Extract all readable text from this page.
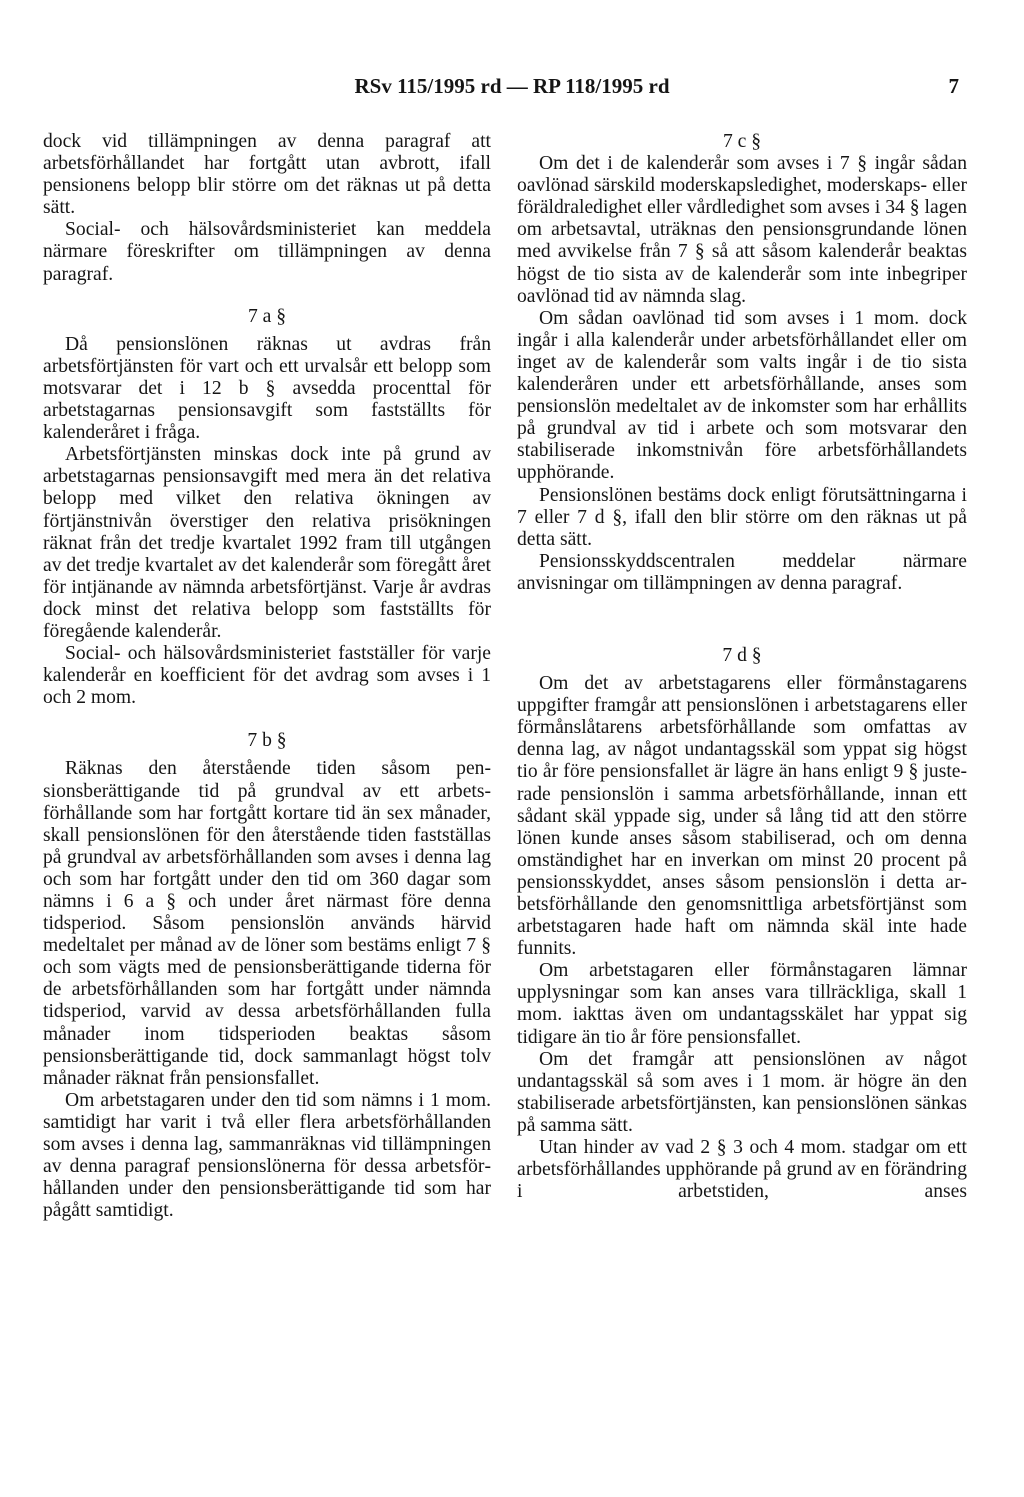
RSv 115/1995 rd — RP 118/1995 rd	7

dock vid tillämpningen av denna paragraf att arbetsförhållandet har fortgått utan avbrott, ifall pensionens belopp blir större om det räknas ut på detta sätt.

Social- och hälsovårdsministeriet kan meddela närmare föreskrifter om tillämpningen av denna paragraf.

7 a §

Då pensionslönen räknas ut avdras från arbetsförtjänsten för vart och ett urvalsår ett belopp som motsvarar det i 12 b § avsedda procenttal för arbetstagarnas pensionsavgift som fastställts för kalenderåret i fråga.

Arbetsförtjänsten minskas dock inte på grund av arbetstagarnas pensionsavgift med mera än det relativa belopp med vilket den relativa ökningen av förtjänstnivån överstiger den relativa prisökningen räknat från det tredje kvartalet 1992 fram till utgången av det tredje kvartalet av det kalenderår som föregått året för intjänande av nämnda arbetsförtjänst. Varje år avdras dock minst det relativa belopp som fastställts för föregående kalenderår.

Social- och hälsovårdsministeriet fastställer för varje kalenderår en koefficient för det avdrag som avses i 1 och 2 mom.

7 b §

Räknas den återstående tiden såsom pensionsberättigande tid på grundval av ett arbetsförhållande som har fortgått kortare tid än sex månader, skall pensionslönen för den återstående tiden fastställas på grundval av arbetsförhållanden som avses i denna lag och som har fortgått under den tid om 360 dagar som nämns i 6 a § och under året närmast före denna tidsperiod. Såsom pensionslön används härvid medeltalet per månad av de löner som bestäms enligt 7 § och som vägts med de pensionsberättigande tiderna för de arbetsförhållanden som har fortgått under nämnda tidsperiod, varvid av dessa arbetsförhållanden fulla månader inom tidsperioden beaktas såsom pensionsberättigande tid, dock sammanlagt högst tolv månader räknat från pensionsfallet.

Om arbetstagaren under den tid som nämns i 1 mom. samtidigt har varit i två eller flera arbetsförhållanden som avses i denna lag, sammanräknas vid tillämpningen av denna paragraf pensionslönerna för dessa arbetsförhållanden under den pensionsberättigande tid som har pågått samtidigt.

7 c §

Om det i de kalenderår som avses i 7 § ingår sådan oavlönad särskild moderskapsledighet, moderskaps- eller föräldraledighet eller vårdledighet som avses i 34 § lagen om arbetsavtal, uträknas den pensionsgrundande lönen med avvikelse från 7 § så att såsom kalenderår beaktas högst de tio sista av de kalenderår som inte inbegriper oavlönad tid av nämnda slag.

Om sådan oavlönad tid som avses i 1 mom. dock ingår i alla kalenderår under arbetsförhållandet eller om inget av de kalenderår som valts ingår i de tio sista kalenderåren under ett arbetsförhållande, anses som pensionslön medeltalet av de inkomster som har erhållits på grundval av tid i arbete och som motsvarar den stabiliserade inkomstnivån före arbetsförhållandets upphörande.

Pensionslönen bestäms dock enligt förutsättningarna i 7 eller 7 d §, ifall den blir större om den räknas ut på detta sätt.

Pensionsskyddscentralen meddelar närmare anvisningar om tillämpningen av denna paragraf.

7 d §

Om det av arbetstagarens eller förmånstagarens uppgifter framgår att pensionslönen i arbetstagarens eller förmånslåtarens arbetsförhållande som omfattas av denna lag, av något undantagsskäl som yppat sig högst tio år före pensionsfallet är lägre än hans enligt 9 § justerade pensionslön i samma arbetsförhållande, innan ett sådant skäl yppade sig, under så lång tid att den större lönen kunde anses såsom stabiliserad, och om denna omständighet har en inverkan om minst 20 procent på pensionsskyddet, anses såsom pensionslön i detta arbetsförhållande den genomsnittliga arbetsförtjänst som arbetstagaren hade haft om nämnda skäl inte hade funnits.

Om arbetstagaren eller förmånstagaren lämnar upplysningar som kan anses vara tillräckliga, skall 1 mom. iakttas även om undantagsskälet har yppat sig tidigare än tio år före pensionsfallet.

Om det framgår att pensionslönen av något undantagsskäl så som aves i 1 mom. är högre än den stabiliserade arbetsförtjänsten, kan pensionslönen sänkas på samma sätt.

Utan hinder av vad 2 § 3 och 4 mom. stadgar om ett arbetsförhållandes upphörande på grund av en förändring i arbetstiden, anses
